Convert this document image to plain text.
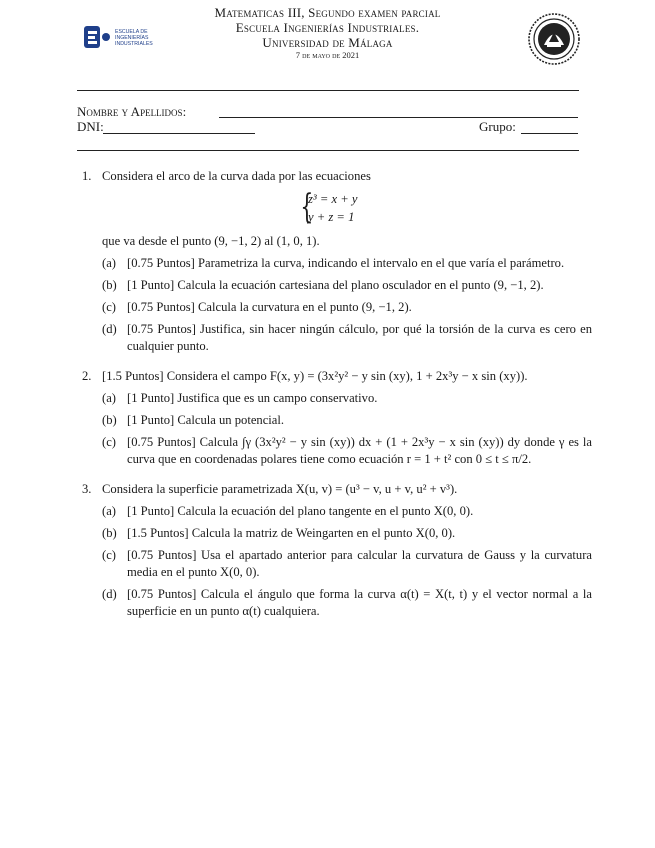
ESCUELA DE
INGENIERÍAS
INDUSTRIALES
Matematicas III, Segundo examen parcial
Escuela Ingenierías Industriales.
Universidad de Málaga
7 de mayo de 2021
Nombre y Apellidos:
DNI:	Grupo:
1. Considera el arco de la curva dada por las ecuaciones
{
z³ = x + y
y + z = 1
que va desde el punto (9, −1, 2) al (1, 0, 1).
(a) [0.75 Puntos] Parametriza la curva, indicando el intervalo en el que varía el parámetro.
(b) [1 Punto] Calcula la ecuación cartesiana del plano osculador en el punto (9, −1, 2).
(c) [0.75 Puntos] Calcula la curvatura en el punto (9, −1, 2).
(d) [0.75 Puntos] Justifica, sin hacer ningún cálculo, por qué la torsión de la curva es cero en cualquier punto.
2. [1.5 Puntos] Considera el campo F(x, y) = (3x²y² − y sin (xy), 1 + 2x³y − x sin (xy)).
(a) [1 Punto] Justifica que es un campo conservativo.
(b) [1 Punto] Calcula un potencial.
(c) [0.75 Puntos] Calcula ∫γ (3x²y² − y sin (xy)) dx + (1 + 2x³y − x sin (xy)) dy donde γ es la curva que en coordenadas polares tiene como ecuación r = 1 + t² con 0 ≤ t ≤ π/2.
3. Considera la superficie parametrizada X(u, v) = (u³ − v, u + v, u² + v³).
(a) [1 Punto] Calcula la ecuación del plano tangente en el punto X(0, 0).
(b) [1.5 Puntos] Calcula la matriz de Weingarten en el punto X(0, 0).
(c) [0.75 Puntos] Usa el apartado anterior para calcular la curvatura de Gauss y la curvatura media en el punto X(0, 0).
(d) [0.75 Puntos] Calcula el ángulo que forma la curva α(t) = X(t, t) y el vector normal a la superficie en un punto α(t) cualquiera.
